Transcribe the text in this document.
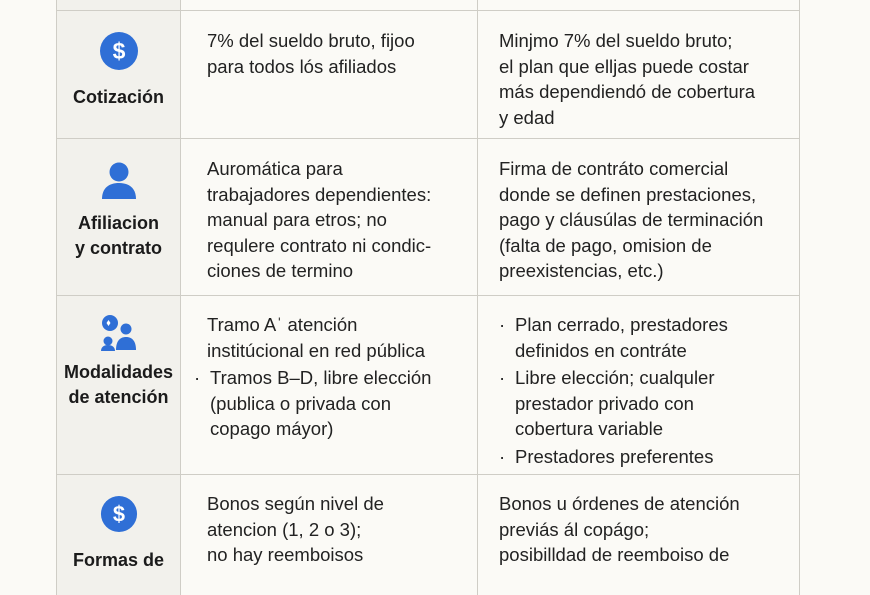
$
Cotización
7% del sueldo bruto, fijoo
para todos lós afiliados
Minjmo 7% del sueldo bruto;
el plan que elljas puede costar
más dependiendó de cobertura
y edad
Afiliacion
y contrato
Auromática para
trabajadores dependientes:
manual para etros; no
requlere contrato ni condic-
ciones de termino
Firma de contráto comercial
donde se definen prestaciones,
pago y cláusúlas de terminación
(falta de pago, omision de
preexistencias, etc.)
Modalidades
de atención
Tramo Aˈ atención
institúcional en red pública
· Tramos B–D, libre elección
(publica o privada con
copago máyor)
· Plan cerrado, prestadores
definidos en contráte
· Libre elección; cualquler
prestador privado con
cobertura variable
· Prestadores preferentes
$
Formas de
Bonos según nivel de
atencion (1, 2 o 3);
no hay reemboisos
Bonos u órdenes de atención
previás ál copágo;
posibilldad de reemboiso de
